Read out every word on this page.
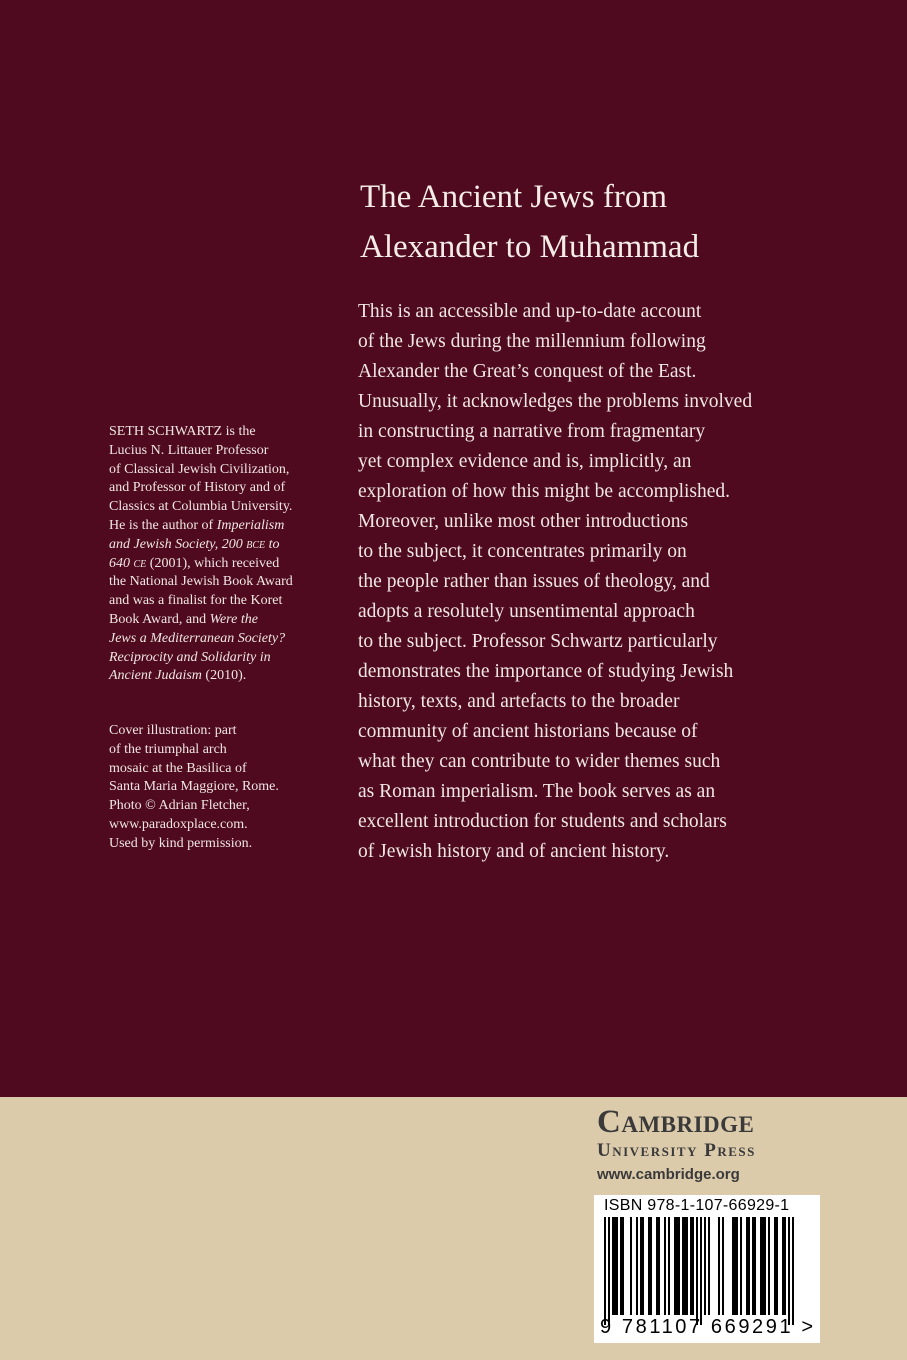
The Ancient Jews from
Alexander to Muhammad
This is an accessible and up-to-date account
of the Jews during the millennium following
Alexander the Great’s conquest of the East.
Unusually, it acknowledges the problems involved
in constructing a narrative from fragmentary
yet complex evidence and is, implicitly, an
exploration of how this might be accomplished.
Moreover, unlike most other introductions
to the subject, it concentrates primarily on
the people rather than issues of theology, and
adopts a resolutely unsentimental approach
to the subject. Professor Schwartz particularly
demonstrates the importance of studying Jewish
history, texts, and artefacts to the broader
community of ancient historians because of
what they can contribute to wider themes such
as Roman imperialism. The book serves as an
excellent introduction for students and scholars
of Jewish history and of ancient history.
SETH SCHWARTZ is the
Lucius N. Littauer Professor
of Classical Jewish Civilization,
and Professor of History and of
Classics at Columbia University.
He is the author of Imperialism
and Jewish Society, 200 bce to
640 ce (2001), which received
the National Jewish Book Award
and was a finalist for the Koret
Book Award, and Were the
Jews a Mediterranean Society?
Reciprocity and Solidarity in
Ancient Judaism (2010).
Cover illustration: part
of the triumphal arch
mosaic at the Basilica of
Santa Maria Maggiore, Rome.
Photo © Adrian Fletcher,
www.paradoxplace.com.
Used by kind permission.
Cambridge
University Press
www.cambridge.org
ISBN 978-1-107-66929-1
9 781107 669291 >
